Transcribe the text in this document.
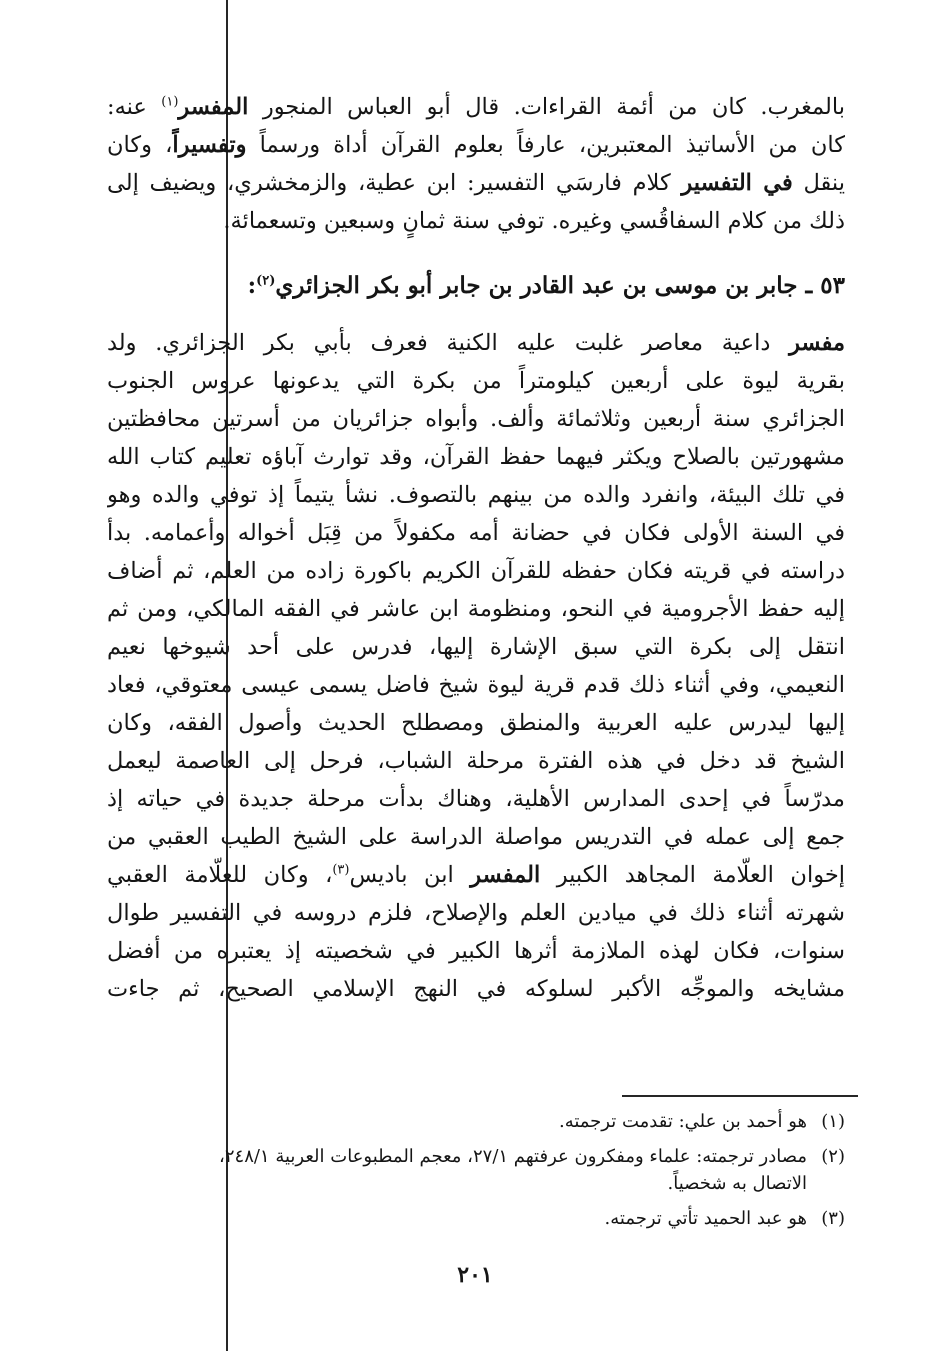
بالمغرب. كان من أئمة القراءات. قال أبو العباس المنجور المفسر$^{(١)}$ عنه:
كان من الأساتيذ المعتبرين، عارفاً بعلوم القرآن أداة ورسماً وتفسيراً، وكان
ينقل في التفسير كلام فارسَي التفسير: ابن عطية، والزمخشري، ويضيف إلى
ذلك من كلام السفاقُسي وغيره. توفي سنة ثمانٍ وسبعين وتسعمائة.
٥٣ ـ جابر بن موسى بن عبد القادر بن جابر أبو بكر الجزائري$^{(٢)}$:
مفسر داعية معاصر غلبت عليه الكنية فعرف بأبي بكر الجزائري. ولد
بقرية ليوة على أربعين كيلومتراً من بكرة التي يدعونها عروس الجنوب
الجزائري سنة أربعين وثلاثمائة وألف. وأبواه جزائريان من أسرتين محافظتين
مشهورتين بالصلاح ويكثر فيهما حفظ القرآن، وقد توارث آباؤه تعليم كتاب الله
في تلك البيئة، وانفرد والده من بينهم بالتصوف. نشأ يتيماً إذ توفي والده وهو
في السنة الأولى فكان في حضانة أمه مكفولاً من قِبَل أخواله وأعمامه. بدأ
دراسته في قريته فكان حفظه للقرآن الكريم باكورة زاده من العلم، ثم أضاف
إليه حفظ الأجرومية في النحو، ومنظومة ابن عاشر في الفقه المالكي، ومن ثم
انتقل إلى بكرة التي سبق الإشارة إليها، فدرس على أحد شيوخها نعيم
النعيمي، وفي أثناء ذلك قدم قرية ليوة شيخ فاضل يسمى عيسى معتوقي، فعاد
إليها ليدرس عليه العربية والمنطق ومصطلح الحديث وأصول الفقه، وكان
الشيخ قد دخل في هذه الفترة مرحلة الشباب، فرحل إلى العاصمة ليعمل
مدرّساً في إحدى المدارس الأهلية، وهناك بدأت مرحلة جديدة في حياته إذ
جمع إلى عمله في التدريس مواصلة الدراسة على الشيخ الطيب العقبي من
إخوان العلّامة المجاهد الكبير المفسر ابن باديس$^{(٣)}$، وكان للعلّامة العقبي
شهرته أثناء ذلك في ميادين العلم والإصلاح، فلزم دروسه في التفسير طوال
سنوات، فكان لهذه الملازمة أثرها الكبير في شخصيته إذ يعتبره من أفضل
مشايخه والموجِّه الأكبر لسلوكه في النهج الإسلامي الصحيح، ثم جاءت
(١)
هو أحمد بن علي: تقدمت ترجمته.
(٢)
مصادر ترجمته: علماء ومفكرون عرفتهم ٢٧/١، معجم المطبوعات العربية ٢٤٨/١،
الاتصال به شخصياً.
(٣)
هو عبد الحميد تأتي ترجمته.
٢٠١
